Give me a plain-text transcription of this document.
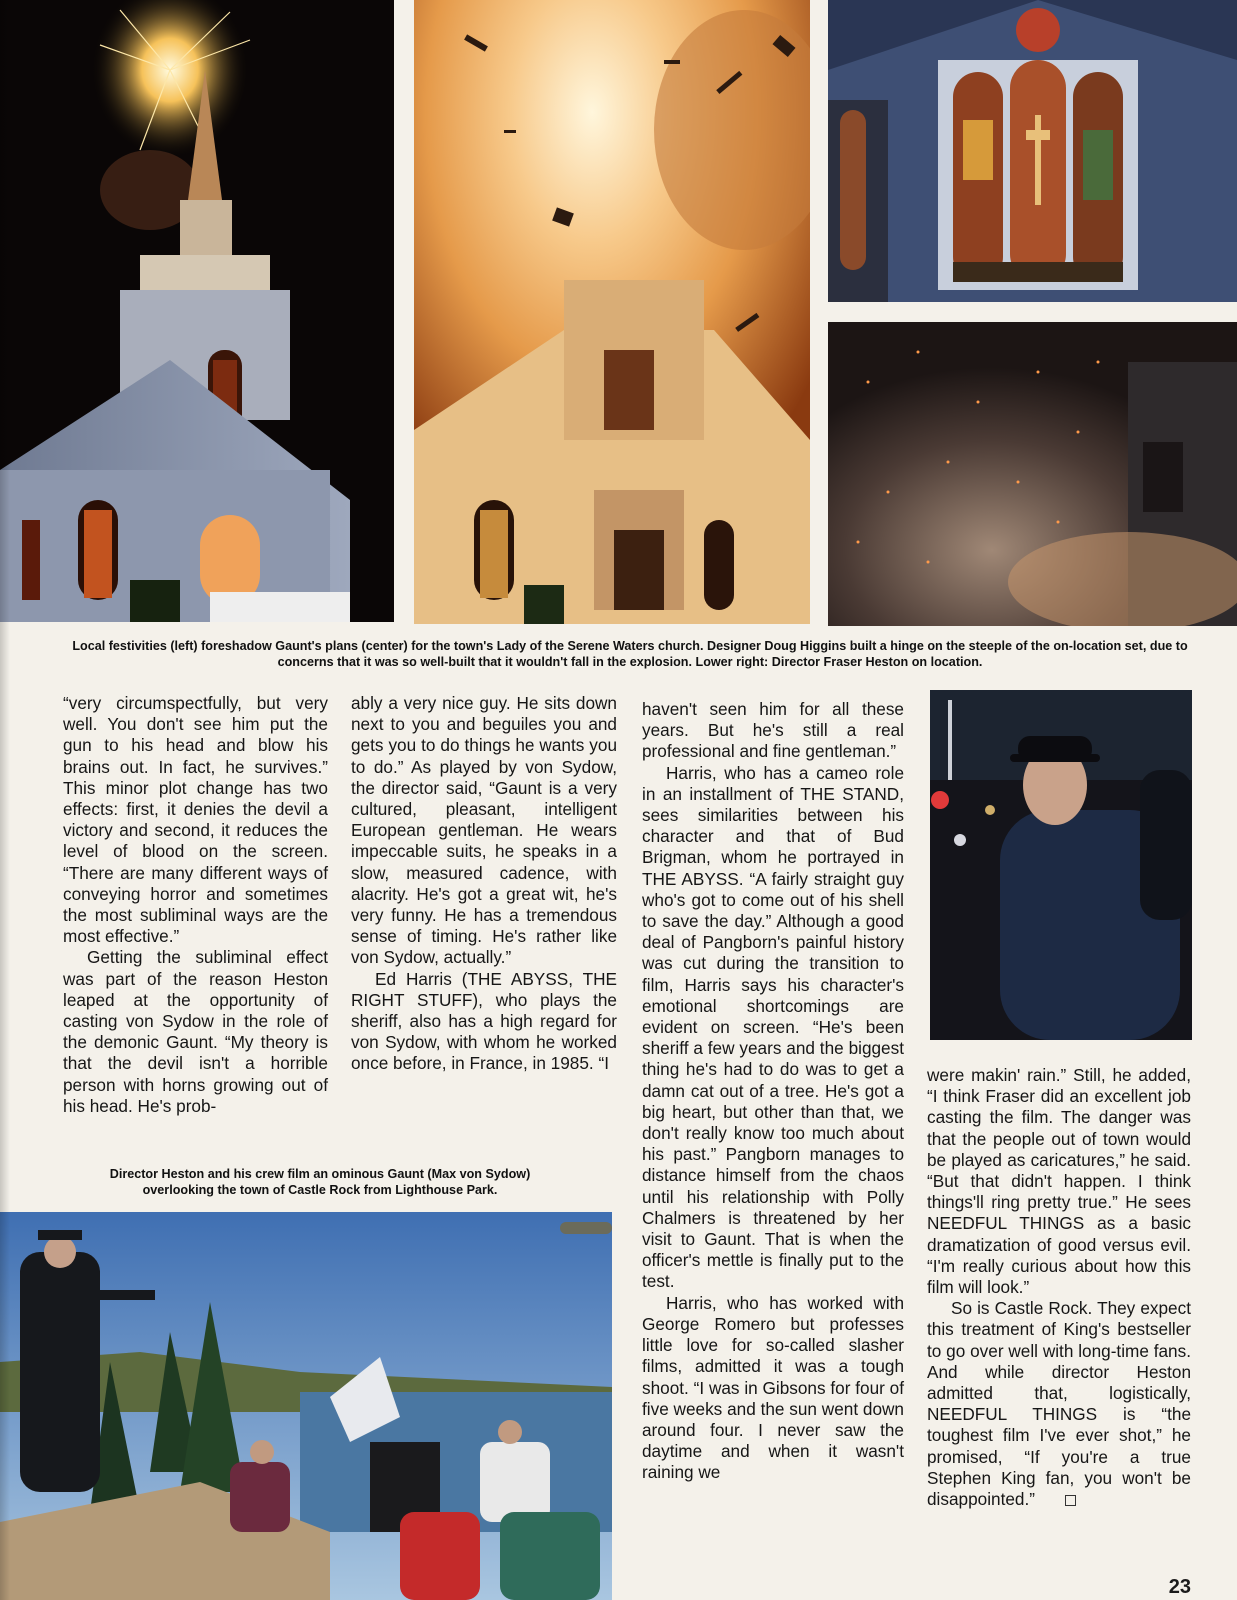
Local festivities (left) foreshadow Gaunt's plans (center) for the town's Lady of the Serene Waters church. Designer Doug Higgins built a hinge on the steeple of the on-location set, due to concerns that it was so well-built that it wouldn't fall in the explosion. Lower right: Director Fraser Heston on location.

“very circumspectfully, but very well. You don't see him put the gun to his head and blow his brains out. In fact, he survives.” This minor plot change has two effects: first, it denies the devil a victory and second, it reduces the level of blood on the screen. “There are many different ways of conveying horror and sometimes the most subliminal ways are the most effective.”

Getting the subliminal effect was part of the reason Heston leaped at the opportunity of casting von Sydow in the role of the demonic Gaunt. “My theory is that the devil isn't a horrible person with horns growing out of his head. He's prob-

ably a very nice guy. He sits down next to you and beguiles you and gets you to do things he wants you to do.” As played by von Sydow, the director said, “Gaunt is a very cultured, pleasant, intelligent European gentleman. He wears impeccable suits, he speaks in a slow, measured cadence, with alacrity. He's got a great wit, he's very funny. He has a tremendous sense of timing. He's rather like von Sydow, actually.”

Ed Harris (THE ABYSS, THE RIGHT STUFF), who plays the sheriff, also has a high regard for von Sydow, with whom he worked once before, in France, in 1985. “I

Director Heston and his crew film an ominous Gaunt (Max von Sydow) overlooking the town of Castle Rock from Lighthouse Park.

haven't seen him for all these years. But he's still a real professional and fine gentleman.”

Harris, who has a cameo role in an installment of THE STAND, sees similarities between his character and that of Bud Brigman, whom he portrayed in THE ABYSS. “A fairly straight guy who's got to come out of his shell to save the day.” Although a good deal of Pangborn's painful history was cut during the transition to film, Harris says his character's emotional shortcomings are evident on screen. “He's been sheriff a few years and the biggest thing he's had to do was to get a damn cat out of a tree. He's got a big heart, but other than that, we don't really know too much about his past.” Pangborn manages to distance himself from the chaos until his relationship with Polly Chalmers is threatened by her visit to Gaunt. That is when the officer's mettle is finally put to the test.

Harris, who has worked with George Romero but professes little love for so-called slasher films, admitted it was a tough shoot. “I was in Gibsons for four of five weeks and the sun went down around four. I never saw the daytime and when it wasn't raining we

were makin' rain.” Still, he added, “I think Fraser did an excellent job casting the film. The danger was that the people out of town would be played as caricatures,” he said. “But that didn't happen. I think things'll ring pretty true.” He sees NEEDFUL THINGS as a basic dramatization of good versus evil. “I'm really curious about how this film will look.”

So is Castle Rock. They expect this treatment of King's bestseller to go over well with long-time fans. And while director Heston admitted that, logistically, NEEDFUL THINGS is “the toughest film I've ever shot,” he promised, “If you're a true Stephen King fan, you won't be disappointed.”

23
